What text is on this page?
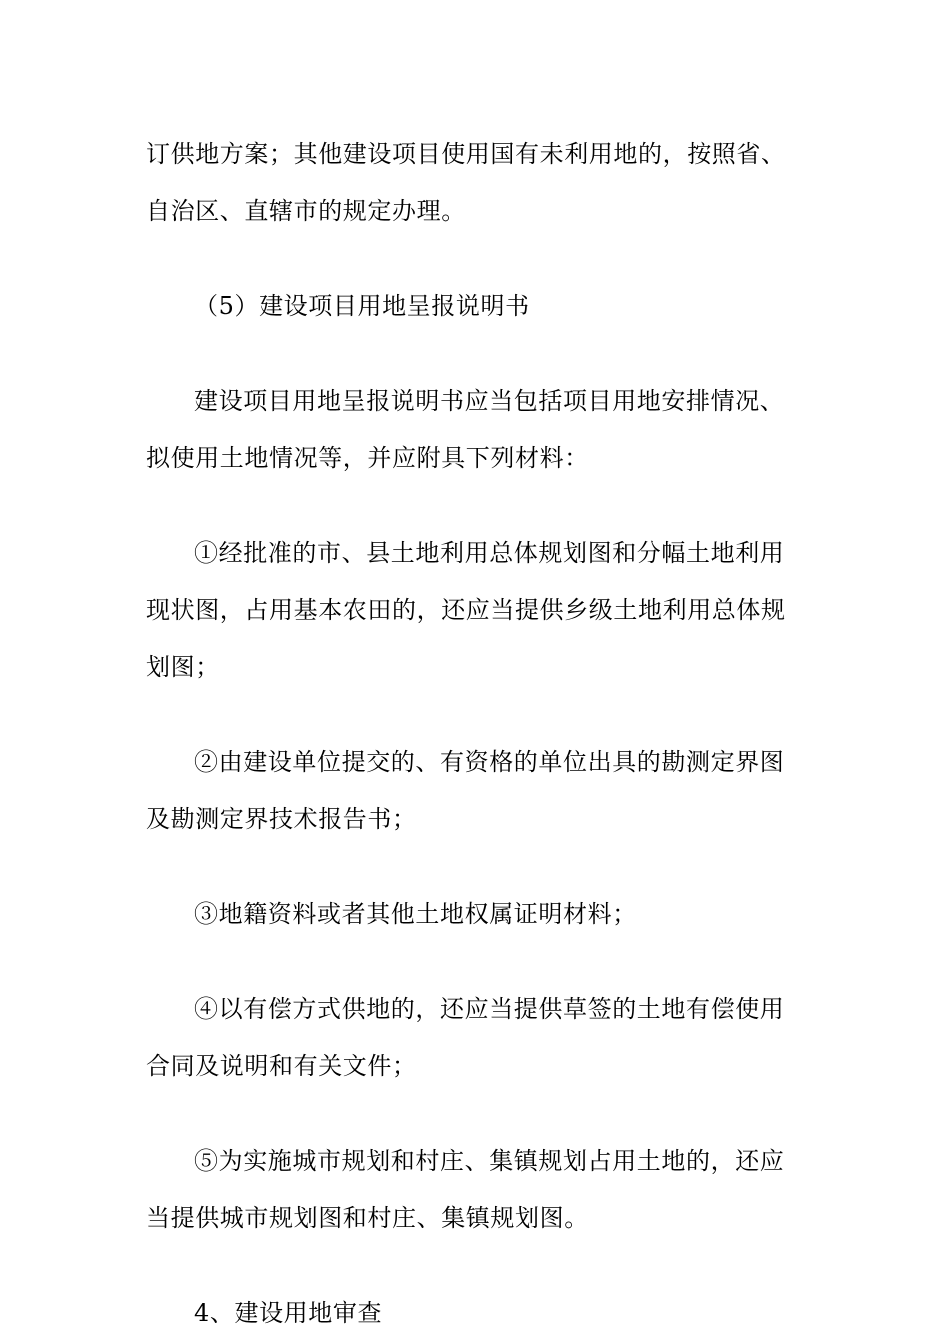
订供地方案；其他建设项目使用国有未利用地的，按照省、自治区、直辖市的规定办理。

（5）建设项目用地呈报说明书

建设项目用地呈报说明书应当包括项目用地安排情况、拟使用土地情况等，并应附具下列材料：

①经批准的市、县土地利用总体规划图和分幅土地利用现状图，占用基本农田的，还应当提供乡级土地利用总体规划图；

②由建设单位提交的、有资格的单位出具的勘测定界图及勘测定界技术报告书；

③地籍资料或者其他土地权属证明材料；

④以有偿方式供地的，还应当提供草签的土地有偿使用合同及说明和有关文件；

⑤为实施城市规划和村庄、集镇规划占用土地的，还应当提供城市规划图和村庄、集镇规划图。

4、建设用地审查
